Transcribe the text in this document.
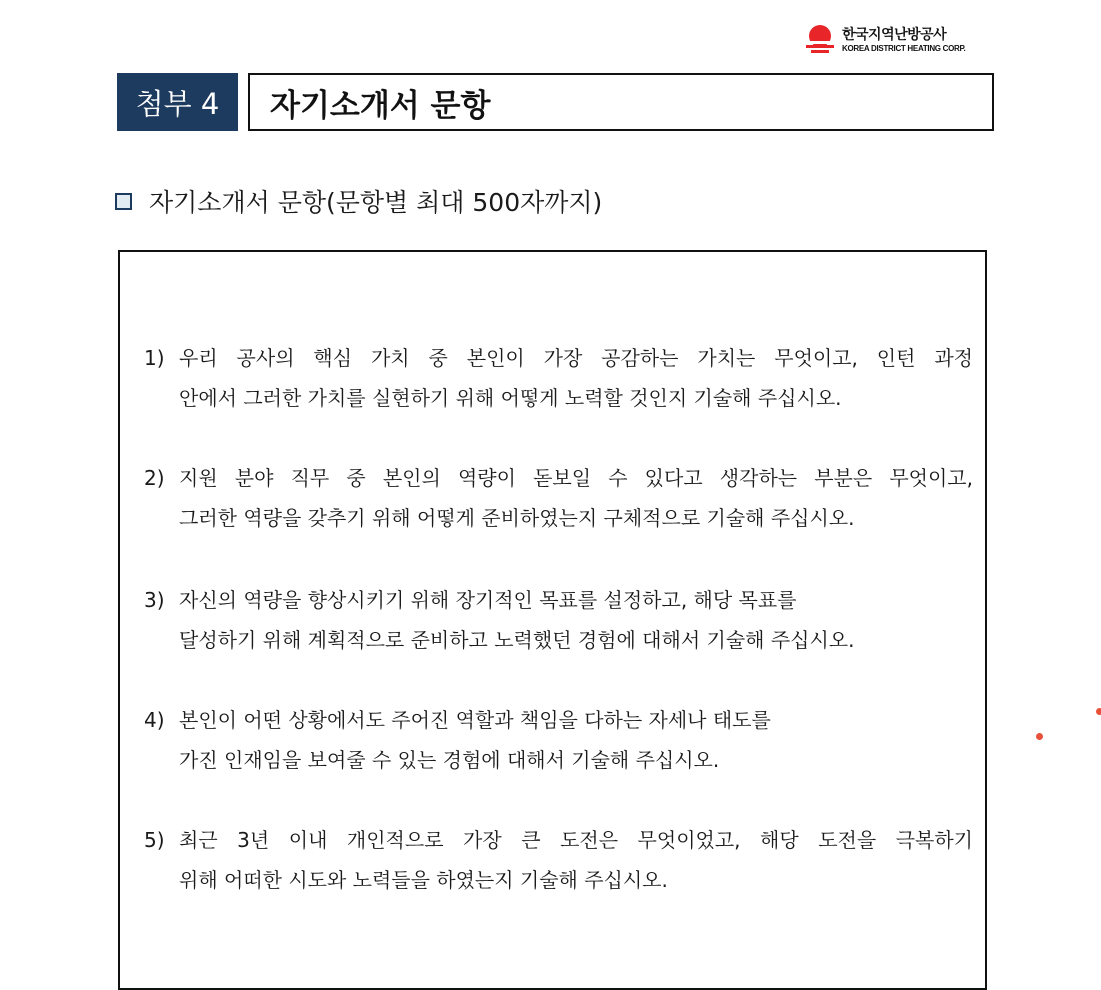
한국지역난방공사
KOREA DISTRICT HEATING CORP.
첨부 4	자기소개서 문항
자기소개서 문항(문항별 최대 500자까지)
1) 우리 공사의 핵심 가치 중 본인이 가장 공감하는 가치는 무엇이고, 인턴 과정
안에서 그러한 가치를 실현하기 위해 어떻게 노력할 것인지 기술해 주십시오.
2) 지원 분야 직무 중 본인의 역량이 돋보일 수 있다고 생각하는 부분은 무엇이고,
그러한 역량을 갖추기 위해 어떻게 준비하였는지 구체적으로 기술해 주십시오.
3) 자신의 역량을 향상시키기 위해 장기적인 목표를 설정하고, 해당 목표를
달성하기 위해 계획적으로 준비하고 노력했던 경험에 대해서 기술해 주십시오.
4) 본인이 어떤 상황에서도 주어진 역할과 책임을 다하는 자세나 태도를
가진 인재임을 보여줄 수 있는 경험에 대해서 기술해 주십시오.
5) 최근 3년 이내 개인적으로 가장 큰 도전은 무엇이었고, 해당 도전을 극복하기
위해 어떠한 시도와 노력들을 하였는지 기술해 주십시오.
